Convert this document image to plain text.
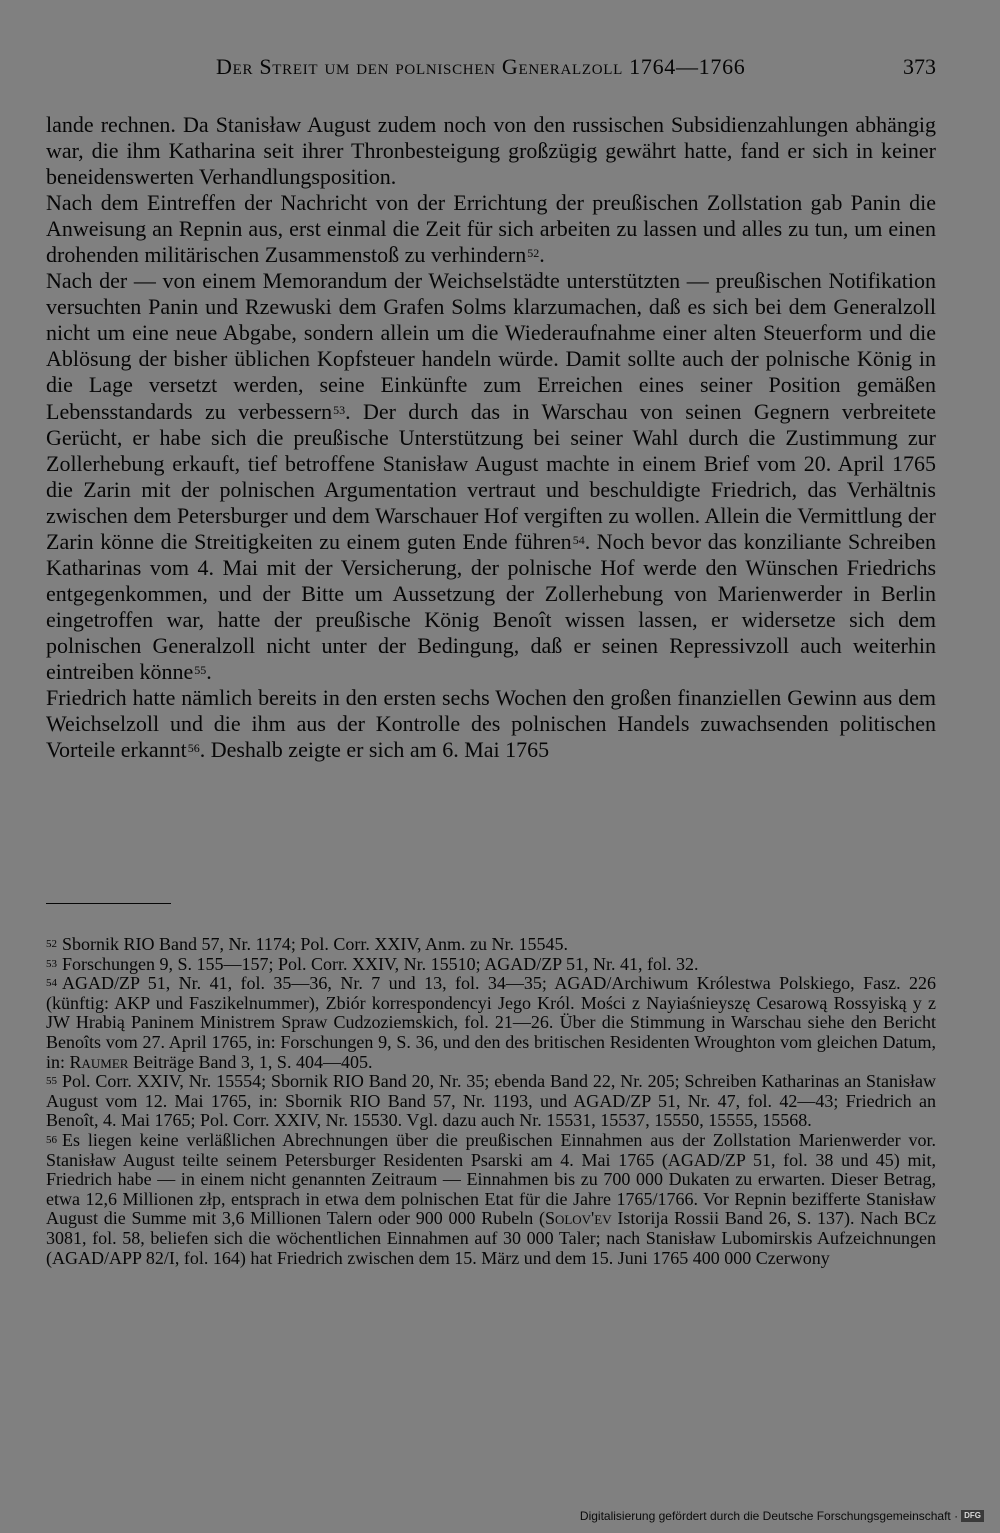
Der Streit um den polnischen Generalzoll 1764—1766	373

lande rechnen. Da Stanisław August zudem noch von den russischen Subsidienzahlungen abhängig war, die ihm Katharina seit ihrer Thronbesteigung großzügig gewährt hatte, fand er sich in keiner beneidenswerten Verhandlungsposition.

Nach dem Eintreffen der Nachricht von der Errichtung der preußischen Zollstation gab Panin die Anweisung an Repnin aus, erst einmal die Zeit für sich arbeiten zu lassen und alles zu tun, um einen drohenden militärischen Zusammenstoß zu verhindern$^{52}$.

Nach der — von einem Memorandum der Weichselstädte unterstützten — preußischen Notifikation versuchten Panin und Rzewuski dem Grafen Solms klarzumachen, daß es sich bei dem Generalzoll nicht um eine neue Abgabe, sondern allein um die Wiederaufnahme einer alten Steuerform und die Ablösung der bisher üblichen Kopfsteuer handeln würde. Damit sollte auch der polnische König in die Lage versetzt werden, seine Einkünfte zum Erreichen eines seiner Position gemäßen Lebensstandards zu verbessern$^{53}$. Der durch das in Warschau von seinen Gegnern verbreitete Gerücht, er habe sich die preußische Unterstützung bei seiner Wahl durch die Zustimmung zur Zollerhebung erkauft, tief betroffene Stanisław August machte in einem Brief vom 20. April 1765 die Zarin mit der polnischen Argumentation vertraut und beschuldigte Friedrich, das Verhältnis zwischen dem Petersburger und dem Warschauer Hof vergiften zu wollen. Allein die Vermittlung der Zarin könne die Streitigkeiten zu einem guten Ende führen$^{54}$. Noch bevor das konziliante Schreiben Katharinas vom 4. Mai mit der Versicherung, der polnische Hof werde den Wünschen Friedrichs entgegenkommen, und der Bitte um Aussetzung der Zollerhebung von Marienwerder in Berlin eingetroffen war, hatte der preußische König Benoît wissen lassen, er widersetze sich dem polnischen Generalzoll nicht unter der Bedingung, daß er seinen Repressivzoll auch weiterhin eintreiben könne$^{55}$.

Friedrich hatte nämlich bereits in den ersten sechs Wochen den großen finanziellen Gewinn aus dem Weichselzoll und die ihm aus der Kontrolle des polnischen Handels zuwachsenden politischen Vorteile erkannt$^{56}$. Deshalb zeigte er sich am 6. Mai 1765

$^{52}$ Sbornik RIO Band 57, Nr. 1174; Pol. Corr. XXIV, Anm. zu Nr. 15545.

$^{53}$ Forschungen 9, S. 155—157; Pol. Corr. XXIV, Nr. 15510; AGAD/ZP 51, Nr. 41, fol. 32.

$^{54}$ AGAD/ZP 51, Nr. 41, fol. 35—36, Nr. 7 und 13, fol. 34—35; AGAD/Archiwum Królestwa Polskiego, Fasz. 226 (künftig: AKP und Faszikelnummer), Zbiór korrespondencyi Jego Król. Mości z Nayiaśnieyszę Cesarową Rossyiską y z JW Hrabią Paninem Ministrem Spraw Cudzoziemskich, fol. 21—26. Über die Stimmung in Warschau siehe den Bericht Benoîts vom 27. April 1765, in: Forschungen 9, S. 36, und den des britischen Residenten Wroughton vom gleichen Datum, in: Raumer Beiträge Band 3, 1, S. 404—405.

$^{55}$ Pol. Corr. XXIV, Nr. 15554; Sbornik RIO Band 20, Nr. 35; ebenda Band 22, Nr. 205; Schreiben Katharinas an Stanisław August vom 12. Mai 1765, in: Sbornik RIO Band 57, Nr. 1193, und AGAD/ZP 51, Nr. 47, fol. 42—43; Friedrich an Benoît, 4. Mai 1765; Pol. Corr. XXIV, Nr. 15530. Vgl. dazu auch Nr. 15531, 15537, 15550, 15555, 15568.

$^{56}$ Es liegen keine verläßlichen Abrechnungen über die preußischen Einnahmen aus der Zollstation Marienwerder vor. Stanisław August teilte seinem Petersburger Residenten Psarski am 4. Mai 1765 (AGAD/ZP 51, fol. 38 und 45) mit, Friedrich habe — in einem nicht genannten Zeitraum — Einnahmen bis zu 700 000 Dukaten zu erwarten. Dieser Betrag, etwa 12,6 Millionen złp, entsprach in etwa dem polnischen Etat für die Jahre 1765/1766. Vor Repnin bezifferte Stanisław August die Summe mit 3,6 Millionen Talern oder 900 000 Rubeln (Solov'ev Istorija Rossii Band 26, S. 137). Nach BCz 3081, fol. 58, beliefen sich die wöchentlichen Einnahmen auf 30 000 Taler; nach Stanisław Lubomirskis Aufzeichnungen (AGAD/APP 82/I, fol. 164) hat Friedrich zwischen dem 15. März und dem 15. Juni 1765 400 000 Czerwony

Digitalisierung gefördert durch die Deutsche Forschungsgemeinschaft · DFG
